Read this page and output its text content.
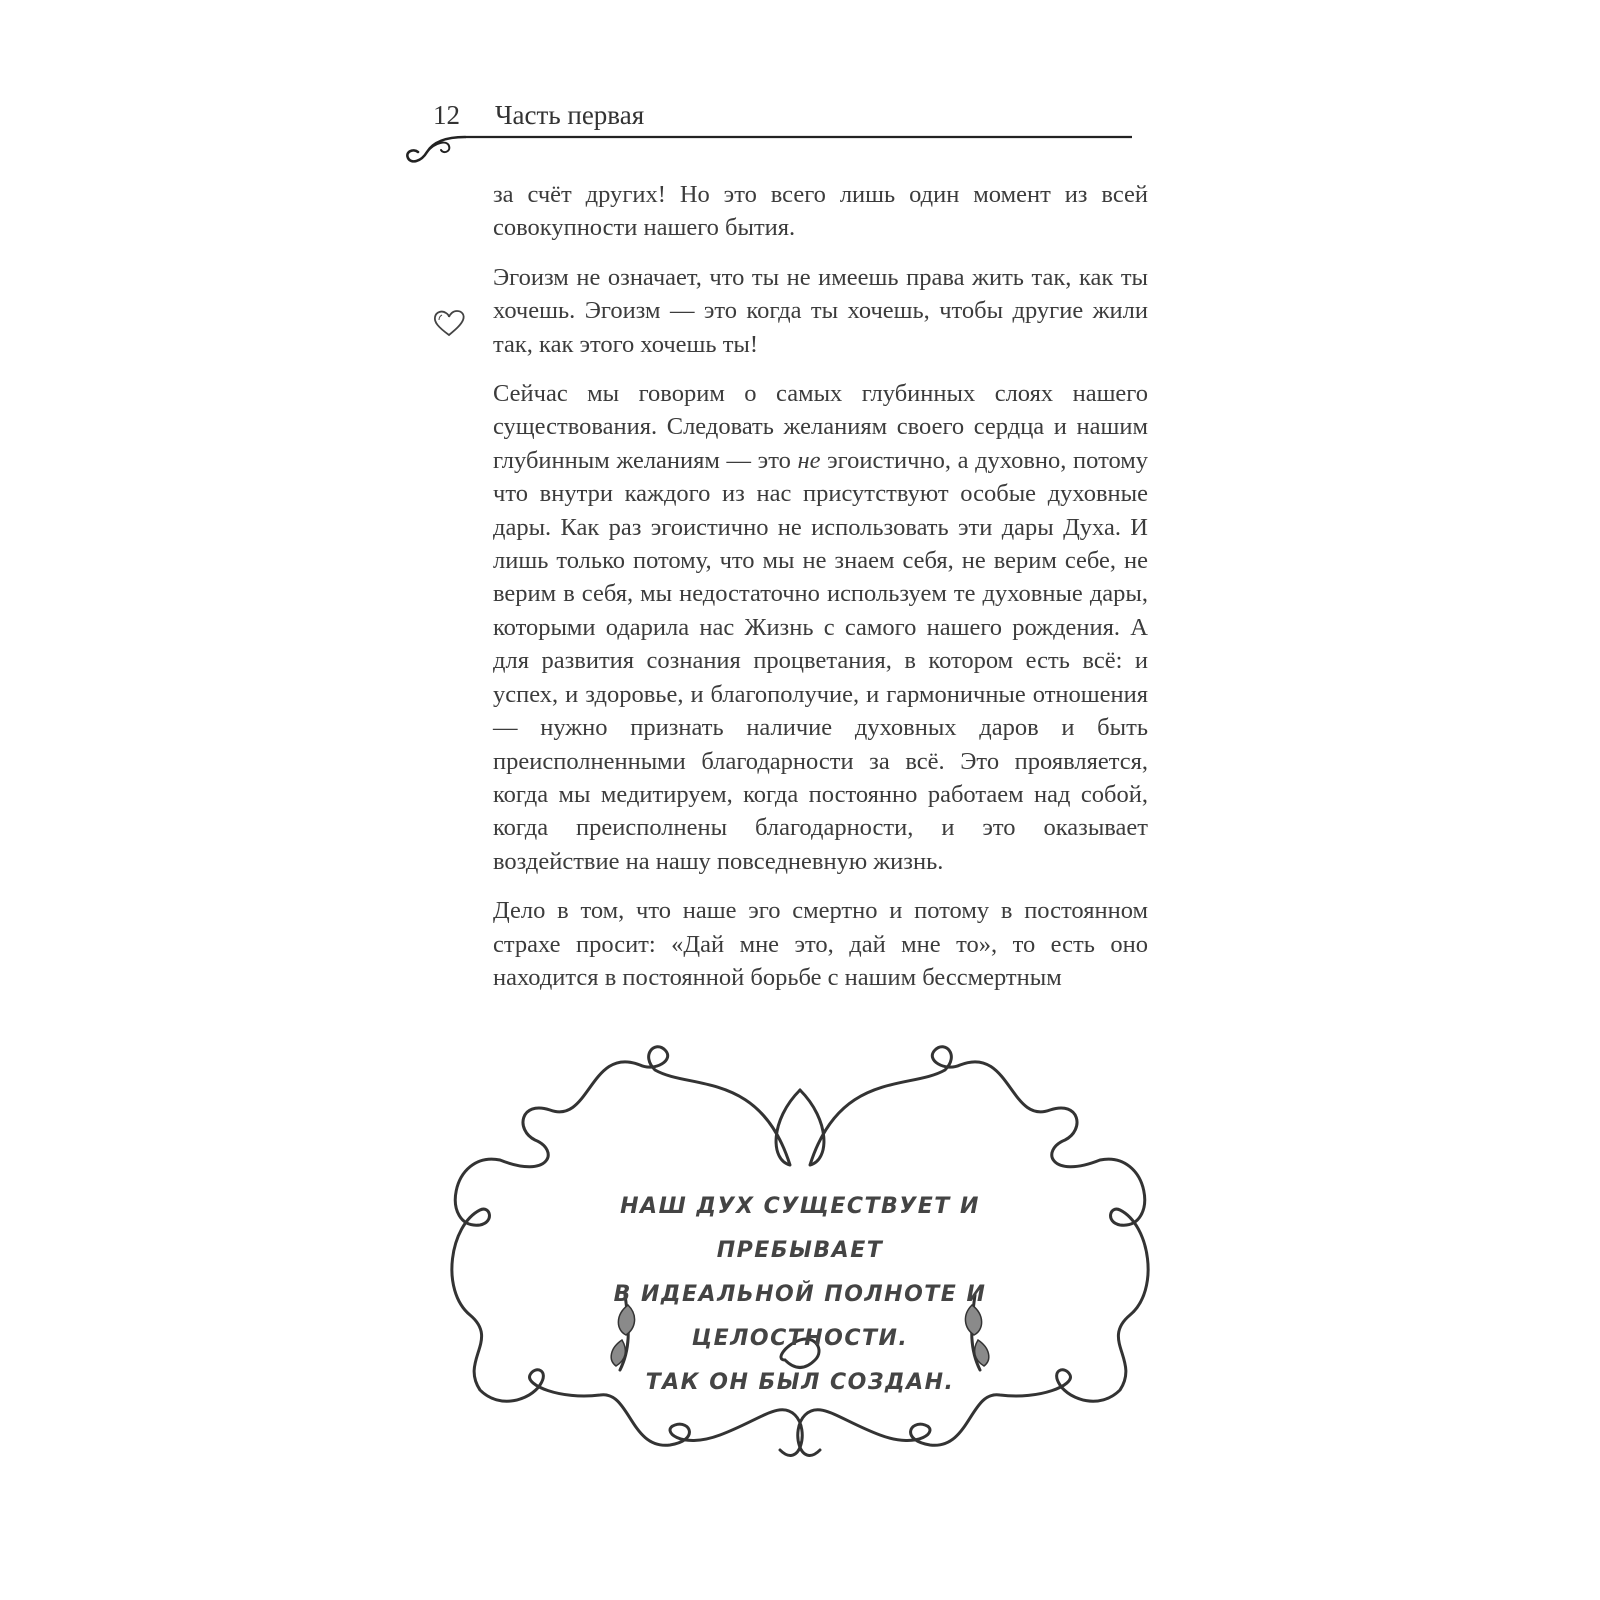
12 Часть первая

за счёт других! Но это всего лишь один момент из всей совокупности нашего бытия.

Эгоизм не означает, что ты не имеешь права жить так, как ты хочешь. Эгоизм — это когда ты хочешь, чтобы другие жили так, как этого хочешь ты!

Сейчас мы говорим о самых глубинных слоях нашего существования. Следовать желаниям своего сердца и нашим глубинным желаниям — это не эгоистично, а духовно, потому что внутри каждого из нас присутствуют особые духовные дары. Как раз эгоистично не использовать эти дары Духа. И лишь только потому, что мы не знаем себя, не верим себе, не верим в себя, мы недостаточно используем те духовные дары, которыми одарила нас Жизнь с самого нашего рождения. А для развития сознания процветания, в котором есть всё: и успех, и здоровье, и благополучие, и гармоничные отношения — нужно признать наличие духовных даров и быть преисполненными благодарности за всё. Это проявляется, когда мы медитируем, когда постоянно работаем над собой, когда преисполнены благодарности, и это оказывает воздействие на нашу повседневную жизнь.

Дело в том, что наше эго смертно и потому в постоянном страхе просит: «Дай мне это, дай мне то», то есть оно находится в постоянной борьбе с нашим бессмертным

НАШ ДУХ СУЩЕСТВУЕТ И ПРЕБЫВАЕТ
В ИДЕАЛЬНОЙ ПОЛНОТЕ И ЦЕЛОСТНОСТИ.
ТАК ОН БЫЛ СОЗДАН.
